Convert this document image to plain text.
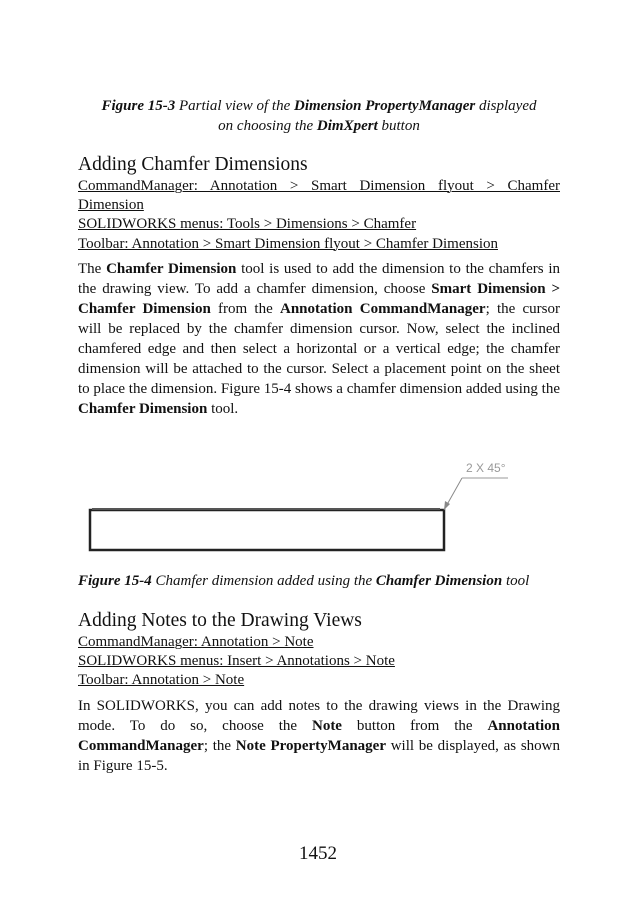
Figure 15-3 Partial view of the Dimension PropertyManager displayed
on choosing the DimXpert button
Adding Chamfer Dimensions
CommandManager: Annotation > Smart Dimension flyout > Chamfer
Dimension
SOLIDWORKS menus: Tools > Dimensions > Chamfer
Toolbar: Annotation > Smart Dimension flyout > Chamfer Dimension
The Chamfer Dimension tool is used to add the dimension to the chamfers in the drawing view. To add a chamfer dimension, choose Smart Dimension > Chamfer Dimension from the Annotation CommandManager; the cursor will be replaced by the chamfer dimension cursor. Now, select the inclined chamfered edge and then select a horizontal or a vertical edge; the chamfer dimension will be attached to the cursor. Select a placement point on the sheet to place the dimension. Figure 15-4 shows a chamfer dimension added using the Chamfer Dimension tool.
2 X 45°
Figure 15-4 Chamfer dimension added using the Chamfer Dimension tool
Adding Notes to the Drawing Views
CommandManager: Annotation > Note
SOLIDWORKS menus: Insert > Annotations > Note
Toolbar: Annotation > Note
In SOLIDWORKS, you can add notes to the drawing views in the Drawing mode. To do so, choose the Note button from the Annotation CommandManager; the Note PropertyManager will be displayed, as shown in Figure 15-5.
1452
